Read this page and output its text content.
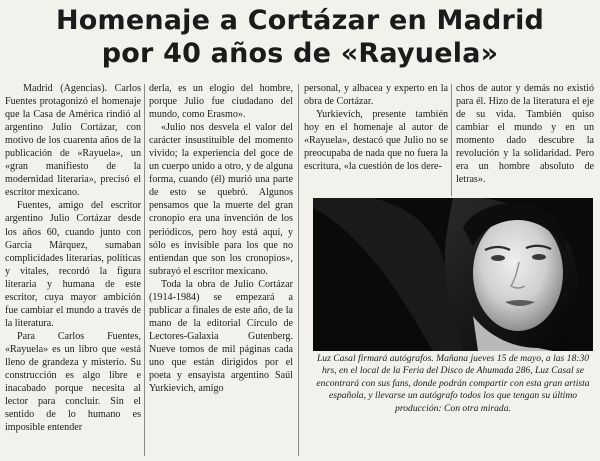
Homenaje a Cortázar en Madrid
por 40 años de «Rayuela»

Madrid (Agencias). Carlos Fuentes protagonizó el homenaje que la Casa de América rindió al argentino Julio Cortázar, con motivo de los cuarenta años de la publicación de «Rayuela», un «gran manifiesto de la modernidad literaria», precisó el escritor mexicano.

Fuentes, amigo del escritor argentino Julio Cortázar desde los años 60, cuando junto con García Márquez, sumaban complicidades literarias, políticas y vitales, recordó la figura literaria y humana de este escritor, cuya mayor ambición fue cambiar el mundo a través de la literatura.

Para Carlos Fuentes, «Rayuela» es un libro que «está lleno de grandeza y misterio. Su construcción es algo libre e inacabado porque necesita al lector para concluir. Sin el sentido de lo humano es imposible entender

derla, es un elogio del hombre, porque Julio fue ciudadano del mundo, como Erasmo».

«Julio nos desvela el valor del carácter insustituible del momento vivido; la experiencia del goce de un cuerpo unido a otro, y de alguna forma, cuando (él) murió una parte de esto se quebró. Algunos pensamos que la muerte del gran cronopio era una invención de los periódicos, pero hoy está aquí, y sólo es invisible para los que no entiendan que son los cronopios», subrayó el escritor mexicano.

Toda la obra de Julio Cortázar (1914-1984) se empezará a publicar a finales de este año, de la mano de la editorial Círculo de Lectores-Galaxia Gutenberg. Nueve tomos de mil páginas cada uno que están dirigidos por el poeta y ensayista argentino Saúl Yurkievich, amigo

personal, y albacea y experto en la obra de Cortázar.

Yurkievich, presente también hoy en el homenaje al autor de «Rayuela», destacó que Julio no se preocupaba de nada que no fuera la escritura, «la cuestión de los dere-

chos de autor y demás no existió para él. Hizo de la literatura el eje de su vida. También quiso cambiar el mundo y en un momento dado descubre la revolución y la solidaridad. Pero era un hombre absoluto de letras».

Luz Casal firmará autógrafos. Mañana jueves 15 de mayo, a las 18:30 hrs, en el local de la Feria del Disco de Ahumada 286, Luz Casal se encontrará con sus fans, donde podrán compartir con esta gran artista española, y llevarse un autógrafo todos los que tengan su último producción: Con otra mirada.
